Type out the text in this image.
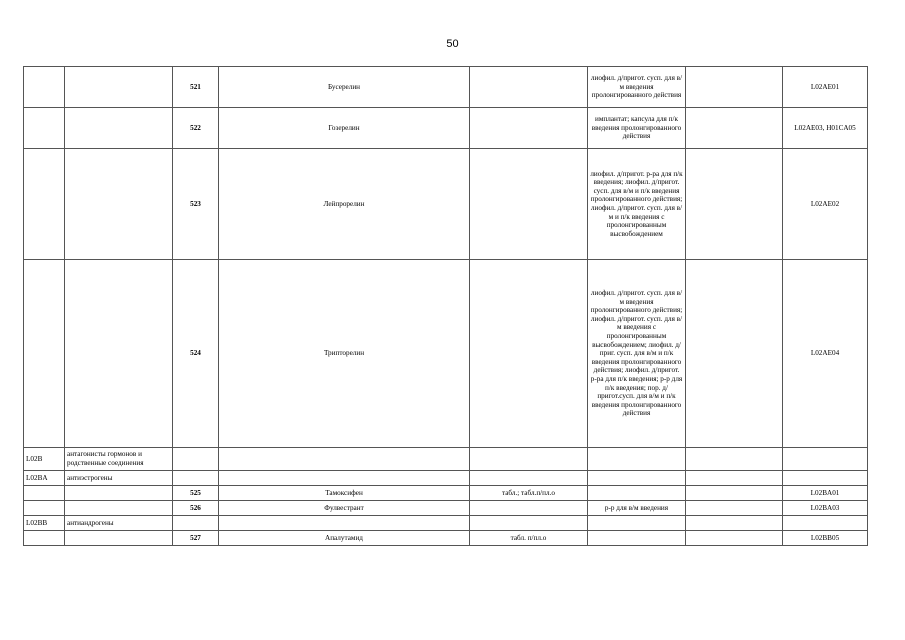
50
		521	Бусерелин		лиофил. д/пригот. сусп. для в/м введения пролонгированного действия		L02AE01
		522	Гозерелин		имплантат; капсула для п/к введения пролонгированного действия		L02AE03, H01CA05
		523	Лейпрорелин		лиофил. д/пригот. р-ра для п/к введения; лиофил. д/пригот. сусп. для в/м и п/к введения пролонгированного действия; лиофил. д/пригот. сусп. для в/м и п/к введения с пролонгированным высвобождением		L02AE02
		524	Трипторелин		лиофил. д/пригот. сусп. для в/м введения пролонгированного действия; лиофил. д/пригот. сусп. для в/м введения с пролонгированным высвобождением; лиофил. д/приг. сусп. для в/м и п/к введения пролонгированного действия; лиофил. д/пригот. р-ра для п/к введения; р-р для п/к введения; пор. д/пригот.сусп. для в/м и п/к введения пролонгированного действия		L02AE04
L02B	антагонисты гормонов и родственные соединения						
L02BA	антиэстрогены						
		525	Тамоксифен	табл.; табл.п/пл.о			L02BA01
		526	Фулвестрант		р-р для в/м введения		L02BA03
L02BB	антиандрогены						
		527	Апалутамид	табл. п/пл.о			L02BB05
